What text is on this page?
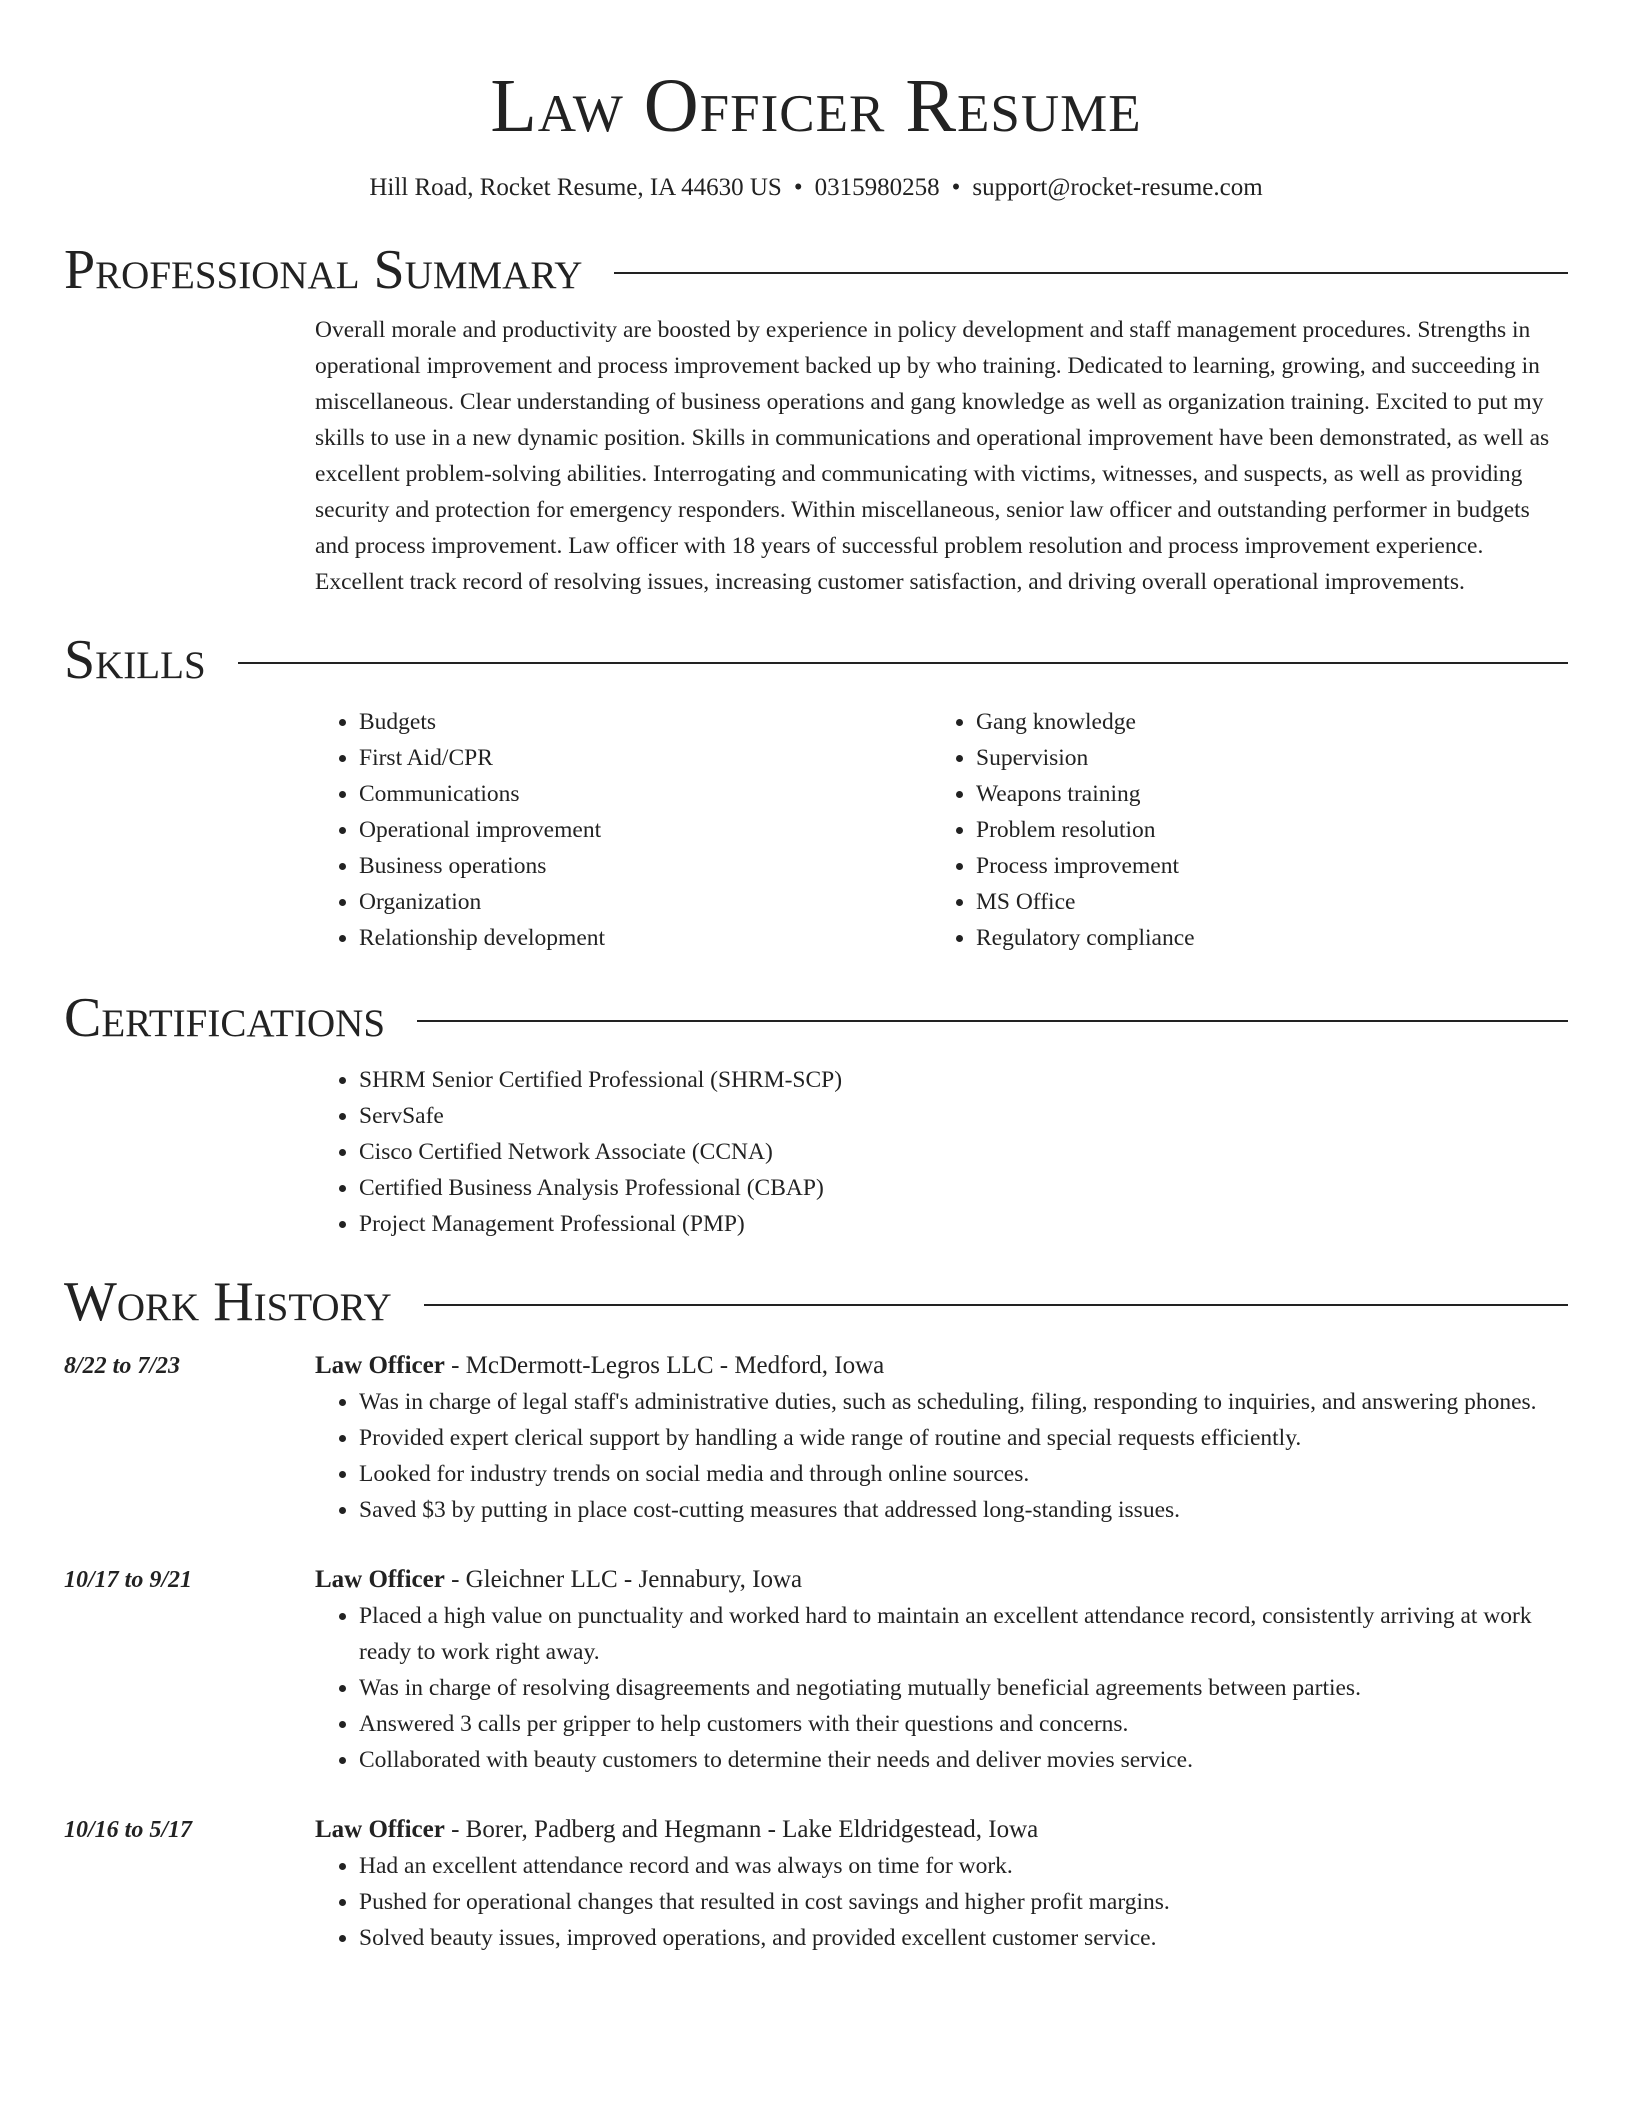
Law Officer Resume
Hill Road, Rocket Resume, IA 44630 US • 0315980258 • support@rocket-resume.com
Professional Summary
Overall morale and productivity are boosted by experience in policy development and staff management procedures. Strengths in operational improvement and process improvement backed up by who training. Dedicated to learning, growing, and succeeding in miscellaneous. Clear understanding of business operations and gang knowledge as well as organization training. Excited to put my skills to use in a new dynamic position. Skills in communications and operational improvement have been demonstrated, as well as excellent problem-solving abilities. Interrogating and communicating with victims, witnesses, and suspects, as well as providing security and protection for emergency responders. Within miscellaneous, senior law officer and outstanding performer in budgets and process improvement. Law officer with 18 years of successful problem resolution and process improvement experience. Excellent track record of resolving issues, increasing customer satisfaction, and driving overall operational improvements.
Skills
• Budgets
• First Aid/CPR
• Communications
• Operational improvement
• Business operations
• Organization
• Relationship development
• Gang knowledge
• Supervision
• Weapons training
• Problem resolution
• Process improvement
• MS Office
• Regulatory compliance
Certifications
• SHRM Senior Certified Professional (SHRM-SCP)
• ServSafe
• Cisco Certified Network Associate (CCNA)
• Certified Business Analysis Professional (CBAP)
• Project Management Professional (PMP)
Work History
8/22 to 7/23	Law Officer - McDermott-Legros LLC - Medford, Iowa
• Was in charge of legal staff's administrative duties, such as scheduling, filing, responding to inquiries, and answering phones.
• Provided expert clerical support by handling a wide range of routine and special requests efficiently.
• Looked for industry trends on social media and through online sources.
• Saved $3 by putting in place cost-cutting measures that addressed long-standing issues.
10/17 to 9/21	Law Officer - Gleichner LLC - Jennabury, Iowa
• Placed a high value on punctuality and worked hard to maintain an excellent attendance record, consistently arriving at work ready to work right away.
• Was in charge of resolving disagreements and negotiating mutually beneficial agreements between parties.
• Answered 3 calls per gripper to help customers with their questions and concerns.
• Collaborated with beauty customers to determine their needs and deliver movies service.
10/16 to 5/17	Law Officer - Borer, Padberg and Hegmann - Lake Eldridgestead, Iowa
• Had an excellent attendance record and was always on time for work.
• Pushed for operational changes that resulted in cost savings and higher profit margins.
• Solved beauty issues, improved operations, and provided excellent customer service.
